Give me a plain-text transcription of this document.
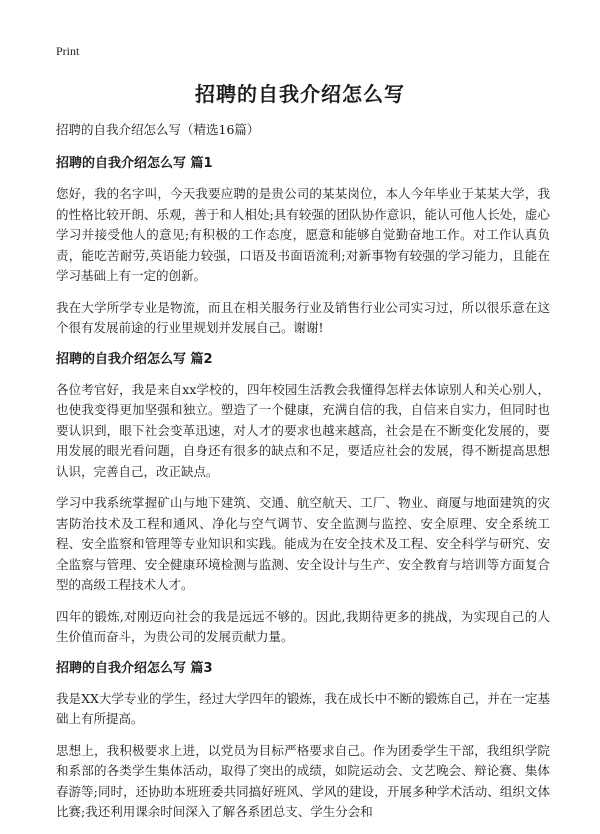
Print
招聘的自我介绍怎么写

招聘的自我介绍怎么写（精选16篇）

招聘的自我介绍怎么写 篇1

您好，我的名字叫，今天我要应聘的是贵公司的某某岗位，本人今年毕业于某某大学，我的性格比较开朗、乐观，善于和人相处;具有较强的团队协作意识，能认可他人长处，虚心学习并接受他人的意见;有积极的工作态度，愿意和能够自觉勤奋地工作。对工作认真负责，能吃苦耐劳,英语能力较强，口语及书面语流利;对新事物有较强的学习能力，且能在学习基础上有一定的创新。

我在大学所学专业是物流，而且在相关服务行业及销售行业公司实习过，所以很乐意在这个很有发展前途的行业里规划并发展自己。谢谢!

招聘的自我介绍怎么写 篇2

各位考官好，我是来自xx学校的，四年校园生活教会我懂得怎样去体谅别人和关心别人，也使我变得更加坚强和独立。塑造了一个健康，充满自信的我，自信来自实力，但同时也要认识到，眼下社会变革迅速，对人才的要求也越来越高，社会是在不断变化发展的，要用发展的眼光看问题，自身还有很多的缺点和不足，要适应社会的发展，得不断提高思想认识，完善自己，改正缺点。

学习中我系统掌握矿山与地下建筑、交通、航空航天、工厂、物业、商厦与地面建筑的灾害防治技术及工程和通风、净化与空气调节、安全监测与监控、安全原理、安全系统工程、安全监察和管理等专业知识和实践。能成为在安全技术及工程、安全科学与研究、安全监察与管理、安全健康环境检测与监测、安全设计与生产、安全教育与培训等方面复合型的高级工程技术人才。

四年的锻炼,对刚迈向社会的我是远远不够的。因此,我期待更多的挑战，为实现自己的人生价值而奋斗，为贵公司的发展贡献力量。

招聘的自我介绍怎么写 篇3

我是XX大学专业的学生，经过大学四年的锻炼，我在成长中不断的锻炼自己，并在一定基础上有所提高。

思想上，我积极要求上进，以党员为目标严格要求自己。作为团委学生干部，我组织学院和系部的各类学生集体活动，取得了突出的成绩，如院运动会、文艺晚会、辩论赛、集体春游等;同时，还协助本班班委共同搞好班风、学风的建设，开展多种学术活动、组织文体比赛;我还利用课余时间深入了解各系团总支、学生分会和
